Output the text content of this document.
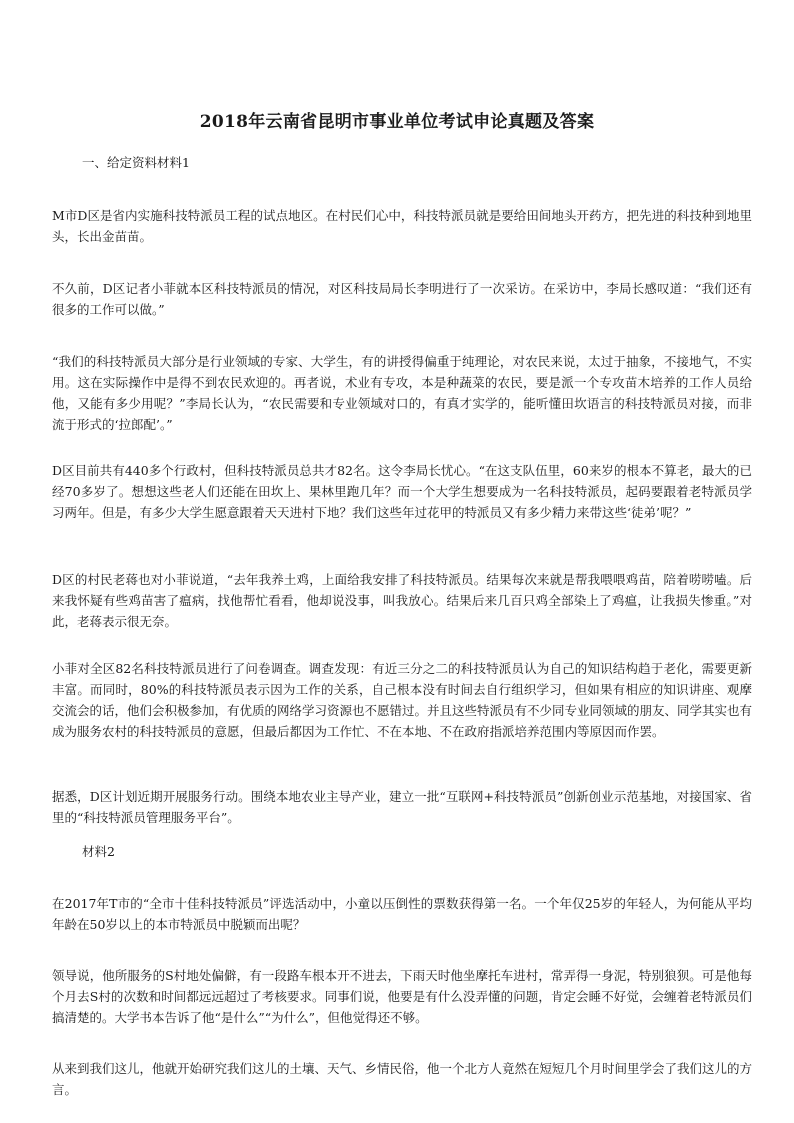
2018年云南省昆明市事业单位考试申论真题及答案
一、给定资料材料1
M市D区是省内实施科技特派员工程的试点地区。在村民们心中，科技特派员就是要给田间地头开药方，把先进的科技种到地里头，长出金苗苗。
不久前，D区记者小菲就本区科技特派员的情况，对区科技局局长李明进行了一次采访。在采访中，李局长感叹道：“我们还有很多的工作可以做。”
“我们的科技特派员大部分是行业领域的专家、大学生，有的讲授得偏重于纯理论，对农民来说，太过于抽象，不接地气，不实用。这在实际操作中是得不到农民欢迎的。再者说，术业有专攻，本是种蔬菜的农民，要是派一个专攻苗木培养的工作人员给他，又能有多少用呢？”李局长认为，“农民需要和专业领域对口的，有真才实学的，能听懂田坎语言的科技特派员对接，而非流于形式的‘拉郎配’。”
D区目前共有440多个行政村，但科技特派员总共才82名。这令李局长忧心。“在这支队伍里，60来岁的根本不算老，最大的已经70多岁了。想想这些老人们还能在田坎上、果林里跑几年？而一个大学生想要成为一名科技特派员，起码要跟着老特派员学习两年。但是，有多少大学生愿意跟着天天进村下地？我们这些年过花甲的特派员又有多少精力来带这些‘徒弟’呢？”
D区的村民老蒋也对小菲说道，“去年我养土鸡，上面给我安排了科技特派员。结果每次来就是帮我喂喂鸡苗，陪着唠唠嗑。后来我怀疑有些鸡苗害了瘟病，找他帮忙看看，他却说没事，叫我放心。结果后来几百只鸡全部染上了鸡瘟，让我损失惨重。”对此，老蒋表示很无奈。
小菲对全区82名科技特派员进行了问卷调查。调查发现：有近三分之二的科技特派员认为自己的知识结构趋于老化，需要更新丰富。而同时，80%的科技特派员表示因为工作的关系，自己根本没有时间去自行组织学习，但如果有相应的知识讲座、观摩交流会的话，他们会积极参加，有优质的网络学习资源也不愿错过。并且这些特派员有不少同专业同领域的朋友、同学其实也有成为服务农村的科技特派员的意愿，但最后都因为工作忙、不在本地、不在政府指派培养范围内等原因而作罢。
据悉，D区计划近期开展服务行动。围绕本地农业主导产业，建立一批“互联网+科技特派员”创新创业示范基地，对接国家、省里的“科技特派员管理服务平台”。
材料2
在2017年T市的“全市十佳科技特派员”评选活动中，小童以压倒性的票数获得第一名。一个年仅25岁的年轻人，为何能从平均年龄在50岁以上的本市特派员中脱颖而出呢？
领导说，他所服务的S村地处偏僻，有一段路车根本开不进去，下雨天时他坐摩托车进村，常弄得一身泥，特别狼狈。可是他每个月去S村的次数和时间都远远超过了考核要求。同事们说，他要是有什么没弄懂的问题，肯定会睡不好觉，会缠着老特派员们搞清楚的。大学书本告诉了他“是什么”“为什么”，但他觉得还不够。
从来到我们这儿，他就开始研究我们这儿的土壤、天气、乡情民俗，他一个北方人竟然在短短几个月时间里学会了我们这儿的方言。
